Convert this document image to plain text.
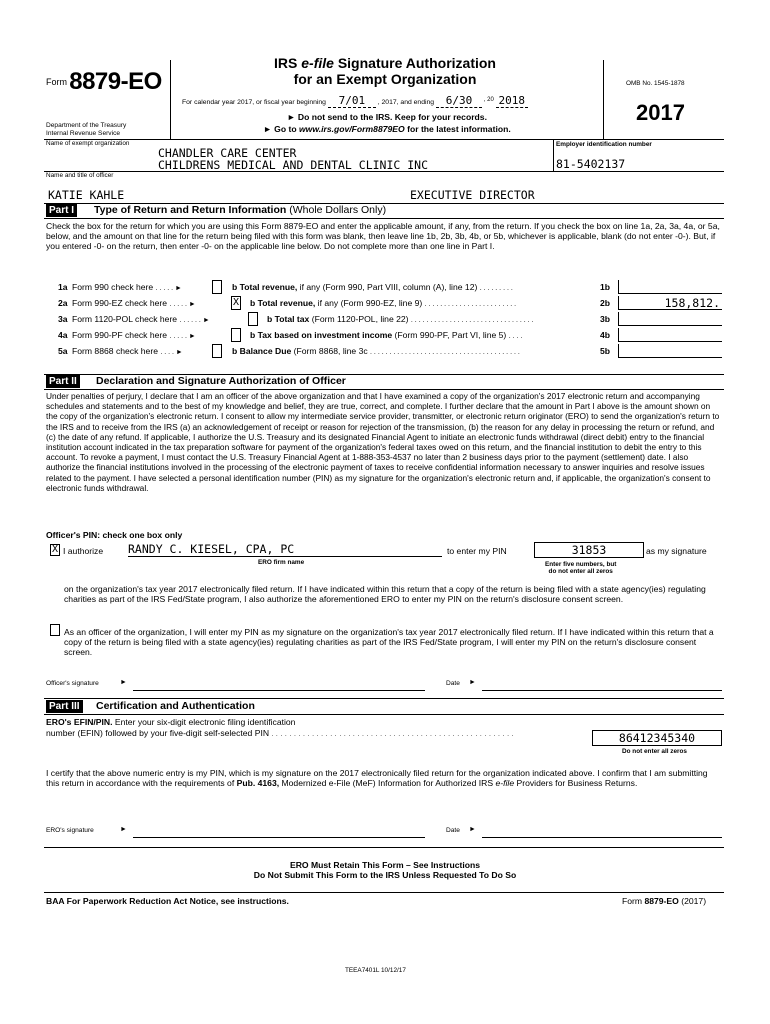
Form 8879-EO
IRS e-file Signature Authorization
for an Exempt Organization
For calendar year 2017, or fiscal year beginning 7/01 , 2017, and ending 6/30 , 20 2018
Department of the Treasury
Internal Revenue Service
► Do not send to the IRS. Keep for your records.
► Go to www.irs.gov/Form8879EO for the latest information.
OMB No. 1545-1878
2017
Name of exempt organization
CHANDLER CARE CENTER
CHILDRENS MEDICAL AND DENTAL CLINIC INC
Employer identification number
81-5402137
Name and title of officer
KATIE KAHLE	EXECUTIVE DIRECTOR
Part I Type of Return and Return Information (Whole Dollars Only)
Check the box for the return for which you are using this Form 8879-EO and enter the applicable amount, if any, from the return. If you check the box on line 1a, 2a, 3a, 4a, or 5a, below, and the amount on that line for the return being filed with this form was blank, then leave line 1b, 2b, 3b, 4b, or 5b, whichever is applicable, blank (do not enter -0-). But, if you entered -0- on the return, then enter -0- on the applicable line below. Do not complete more than one line in Part I.
1a Form 990 check here . . . . . ►	b Total revenue, if any (Form 990, Part VIII, column (A), line 12) . . . . . . . . .	1b
2a Form 990-EZ check here . . . . . ►	X b Total revenue, if any (Form 990-EZ, line 9) . . . . . . . . . . . . . . . . . . . . . . . .	2b	158,812.
3a Form 1120-POL check here . . . . . . ►	b Total tax (Form 1120-POL, line 22) . . . . . . . . . . . . . . . . . . . . . . . . . . . . . . . .	3b
4a Form 990-PF check here . . . . . ►	b Tax based on investment income (Form 990-PF, Part VI, line 5) . . . .	4b
5a Form 8868 check here . . . . ►	b Balance Due (Form 8868, line 3c . . . . . . . . . . . . . . . . . . . . . . . . . . . . . . . . . . . . . . .	5b
Part II Declaration and Signature Authorization of Officer
Under penalties of perjury, I declare that I am an officer of the above organization and that I have examined a copy of the organization's 2017 electronic return and accompanying schedules and statements and to the best of my knowledge and belief, they are true, correct, and complete. I further declare that the amount in Part I above is the amount shown on the copy of the organization's electronic return. I consent to allow my intermediate service provider, transmitter, or electronic return originator (ERO) to send the organization's return to the IRS and to receive from the IRS (a) an acknowledgement of receipt or reason for rejection of the transmission, (b) the reason for any delay in processing the return or refund, and (c) the date of any refund. If applicable, I authorize the U.S. Treasury and its designated Financial Agent to initiate an electronic funds withdrawal (direct debit) entry to the financial institution account indicated in the tax preparation software for payment of the organization's federal taxes owed on this return, and the financial institution to debit the entry to this account. To revoke a payment, I must contact the U.S. Treasury Financial Agent at 1-888-353-4537 no later than 2 business days prior to the payment (settlement) date. I also authorize the financial institutions involved in the processing of the electronic payment of taxes to receive confidential information necessary to answer inquiries and resolve issues related to the payment. I have selected a personal identification number (PIN) as my signature for the organization's electronic return and, if applicable, the organization's consent to electronic funds withdrawal.
Officer's PIN: check one box only
X I authorize RANDY C. KIESEL, CPA, PC
ERO firm name
to enter my PIN	31853	as my signature
Enter five numbers, but
do not enter all zeros
on the organization's tax year 2017 electronically filed return. If I have indicated within this return that a copy of the return is being filed with a state agency(ies) regulating charities as part of the IRS Fed/State program, I also authorize the aforementioned ERO to enter my PIN on the return's disclosure consent screen.
As an officer of the organization, I will enter my PIN as my signature on the organization's tax year 2017 electronically filed return. If I have indicated within this return that a copy of the return is being filed with a state agency(ies) regulating charities as part of the IRS Fed/State program, I will enter my PIN on the return's disclosure consent screen.
Officer's signature	►	Date ►
Part III Certification and Authentication
ERO's EFIN/PIN. Enter your six-digit electronic filing identification
number (EFIN) followed by your five-digit self-selected PIN . . . . . . . . . . . . . . . . . . . . . . . . . . . . . . . . . . . . . . . . . . . . . . . . . . . . . .	86412345340
Do not enter all zeros
I certify that the above numeric entry is my PIN, which is my signature on the 2017 electronically filed return for the organization indicated above. I confirm that I am submitting this return in accordance with the requirements of Pub. 4163, Modernized e-File (MeF) Information for Authorized IRS e-file Providers for Business Returns.
ERO's signature	►	Date ►
ERO Must Retain This Form – See Instructions
Do Not Submit This Form to the IRS Unless Requested To Do So
BAA For Paperwork Reduction Act Notice, see instructions.	Form 8879-EO (2017)
TEEA7401L 10/12/17
